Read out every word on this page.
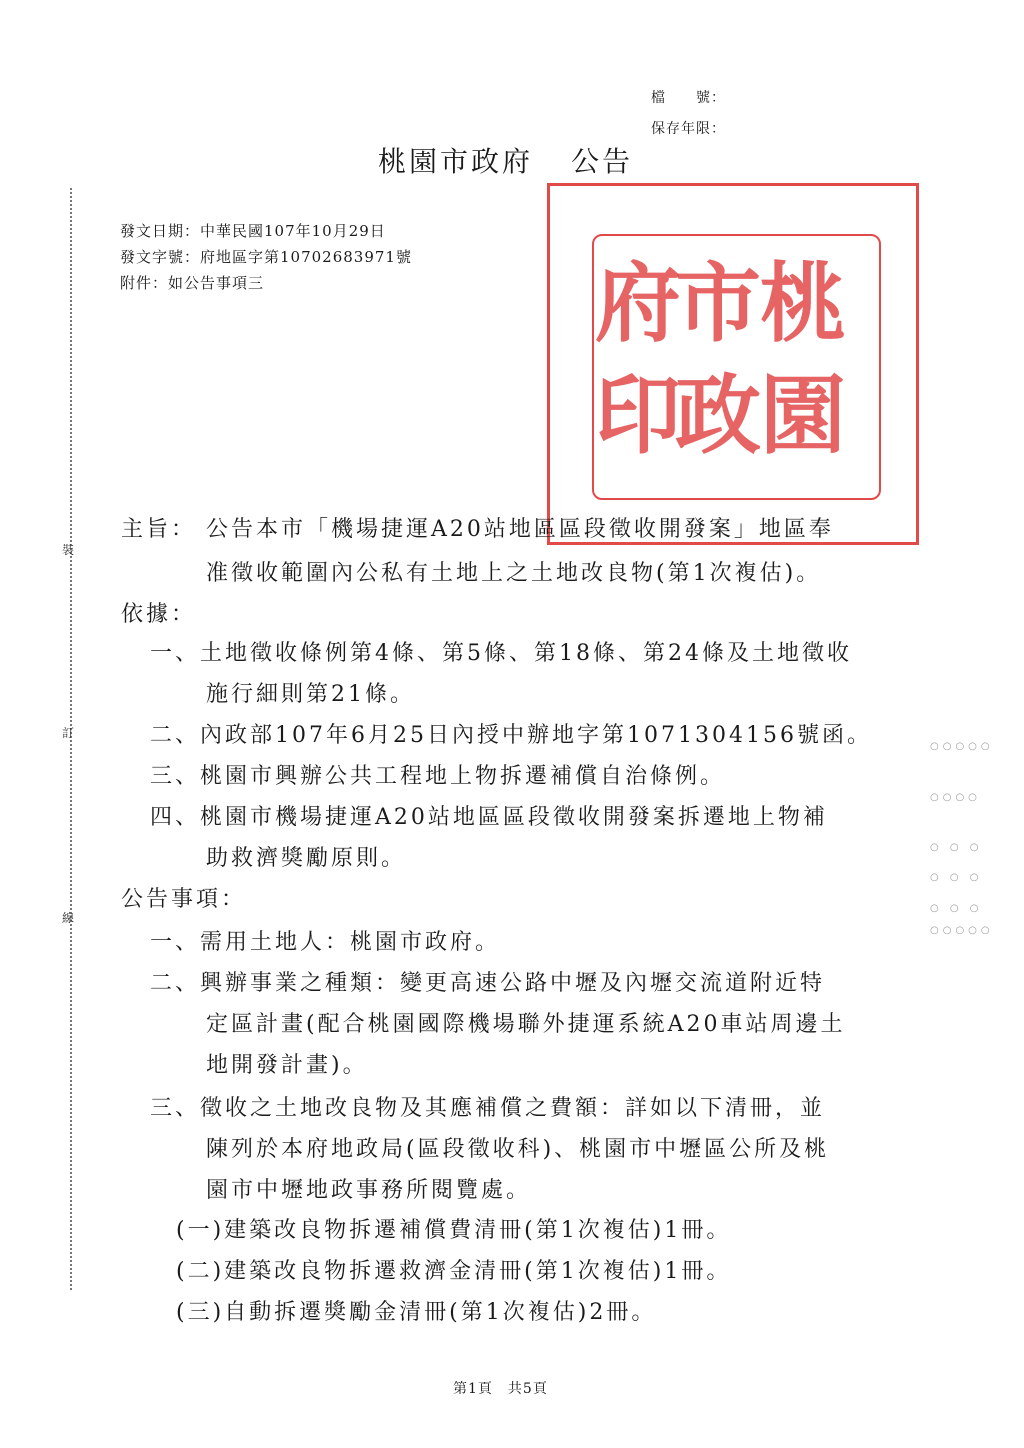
檔　　號：
保存年限：
桃園市政府 公告
裝
訂
線
桃
市
府
園
政
印
發文日期：中華民國107年10月29日
發文字號：府地區字第10702683971號
附件：如公告事項三
主旨： 公告本市「機場捷運A20站地區區段徵收開發案」地區奉
准徵收範圍內公私有土地上之土地改良物(第1次複估)。
依據：
一、土地徵收條例第4條、第5條、第18條、第24條及土地徵收
施行細則第21條。
二、內政部107年6月25日內授中辦地字第1071304156號函。
三、桃園市興辦公共工程地上物拆遷補償自治條例。
四、桃園市機場捷運A20站地區區段徵收開發案拆遷地上物補
助救濟獎勵原則。
公告事項：
一、需用土地人：桃園市政府。
二、興辦事業之種類：變更高速公路中壢及內壢交流道附近特
定區計畫(配合桃園國際機場聯外捷運系統A20車站周邊土
地開發計畫)。
三、徵收之土地改良物及其應補償之費額：詳如以下清冊，並
陳列於本府地政局(區段徵收科)、桃園市中壢區公所及桃
園市中壢地政事務所閱覽處。
(一)建築改良物拆遷補償費清冊(第1次複估)1冊。
(二)建築改良物拆遷救濟金清冊(第1次複估)1冊。
(三)自動拆遷獎勵金清冊(第1次複估)2冊。
○○○○○
○○○○
○ ○ ○
○ ○ ○
○ ○ ○
○○○○○
第1頁　共5頁
